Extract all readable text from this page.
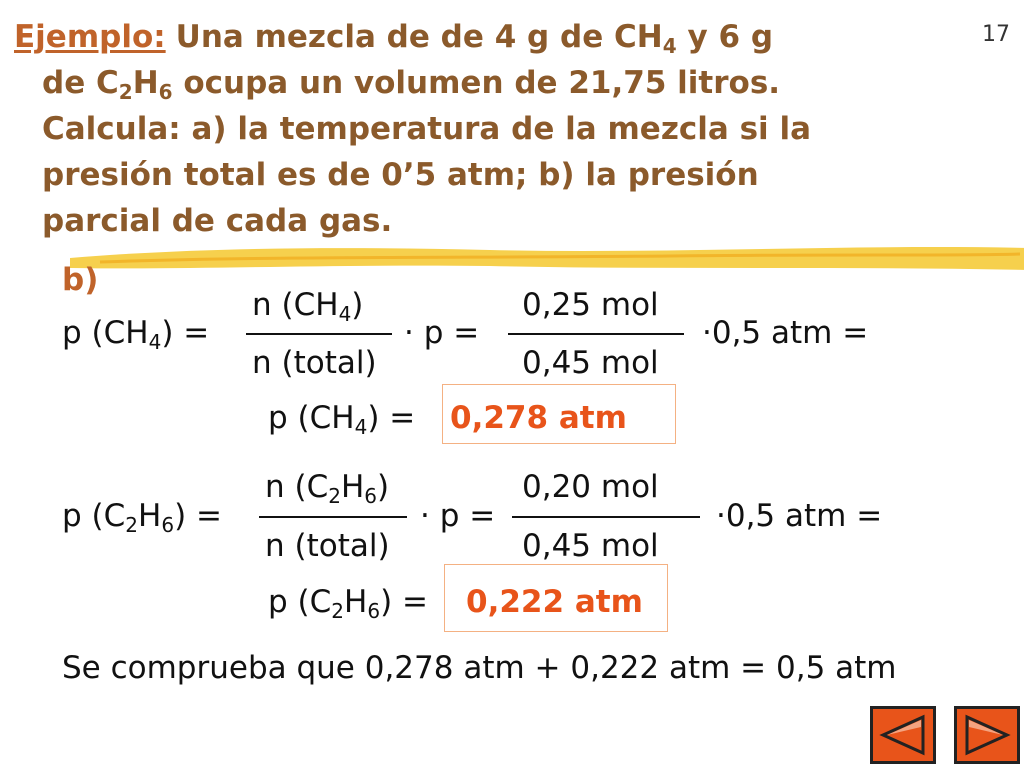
17
Ejemplo: Una mezcla de de 4 g de $CH_4$ y 6 g
de $C_2H_6$ ocupa un volumen de 21,75 litros.
Calcula: a) la temperatura de la mezcla si la
presión total es de 0’5 atm; b) la presión
parcial de cada gas.
b)
p $(CH_4)$ =
n $(CH_4)$
n (total)
· p =
0,25 mol
0,45 mol
·0,5 atm =
p $(CH_4) = 0,278$ atm
p $(C_2H_6)$ =
n $(C_2H_6)$
n (total)
· p =
0,20 mol
0,45 mol
·0,5 atm =
p $(C_2H_6) = 0,222$ atm
Se comprueba que 0,278 atm + 0,222 atm = 0,5 atm
